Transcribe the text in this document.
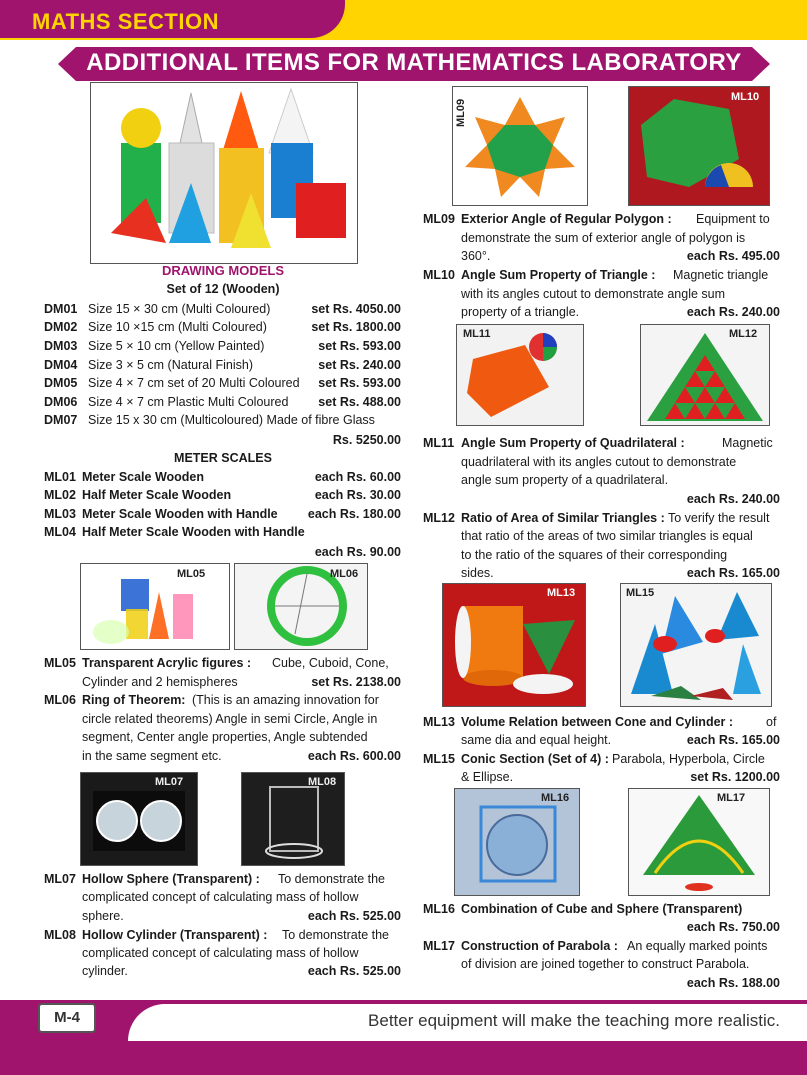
MATHS SECTION
ADDITIONAL ITEMS FOR MATHEMATICS LABORATORY
DRAWING MODELS
Set of 12 (Wooden)
DM01 Size 15 × 30 cm (Multi Coloured)	set Rs. 4050.00
DM02 Size 10 ×15 cm (Multi Coloured)	set Rs. 1800.00
DM03 Size 5 × 10 cm (Yellow Painted)	set Rs. 593.00
DM04 Size 3 × 5 cm (Natural Finish)	set Rs. 240.00
DM05 Size 4 × 7 cm set of 20 Multi Coloured	set Rs. 593.00
DM06 Size 4 × 7 cm Plastic Multi Coloured	set Rs. 488.00
DM07 Size 15 x 30 cm (Multicoloured) Made of fibre Glass
Rs. 5250.00
METER SCALES
ML01 Meter Scale Wooden	each Rs. 60.00
ML02 Half Meter Scale Wooden	each Rs. 30.00
ML03 Meter Scale Wooden with Handle	each Rs. 180.00
ML04 Half Meter Scale Wooden with Handle
each Rs. 90.00
ML05	ML06
ML05 Transparent Acrylic figures : Cube, Cuboid, Cone,
Cylinder and 2 hemispheres	set Rs. 2138.00
ML06 Ring of Theorem: (This is an amazing innovation for
circle related theorems) Angle in semi Circle, Angle in
segment, Center angle properties, Angle subtended
in the same segment etc.	each Rs. 600.00
ML07	ML08
ML07 Hollow Sphere (Transparent) : To demonstrate the
complicated concept of calculating mass of hollow
sphere.	each Rs. 525.00
ML08 Hollow Cylinder (Transparent) : To demonstrate the
complicated concept of calculating mass of hollow
cylinder.	each Rs. 525.00
ML09
ML10
ML09 Exterior Angle of Regular Polygon : Equipment to
demonstrate the sum of exterior angle of polygon is
360°.	each Rs. 495.00
ML10 Angle Sum Property of Triangle : Magnetic triangle
with its angles cutout to demonstrate angle sum
property of a triangle.	each Rs. 240.00
ML11	ML12
ML11 Angle Sum Property of Quadrilateral :	Magnetic
quadrilateral with its angles cutout to demonstrate
angle sum property of a quadrilateral.
each Rs. 240.00
ML12 Ratio of Area of Similar Triangles : To verify the result
that ratio of the areas of two similar triangles is equal
to the ratio of the squares of their corresponding
sides.	each Rs. 165.00
ML13	ML15
ML13 Volume Relation between Cone and Cylinder :	of
same dia and equal height.	each Rs. 165.00
ML15 Conic Section (Set of 4) : Parabola, Hyperbola, Circle
& Ellipse.	set Rs. 1200.00
ML16	ML17
ML16 Combination of Cube and Sphere (Transparent)
each Rs. 750.00
ML17 Construction of Parabola : An equally marked points
of division are joined together to construct Parabola.
each Rs. 188.00
M-4	Better equipment will make the teaching more realistic.
